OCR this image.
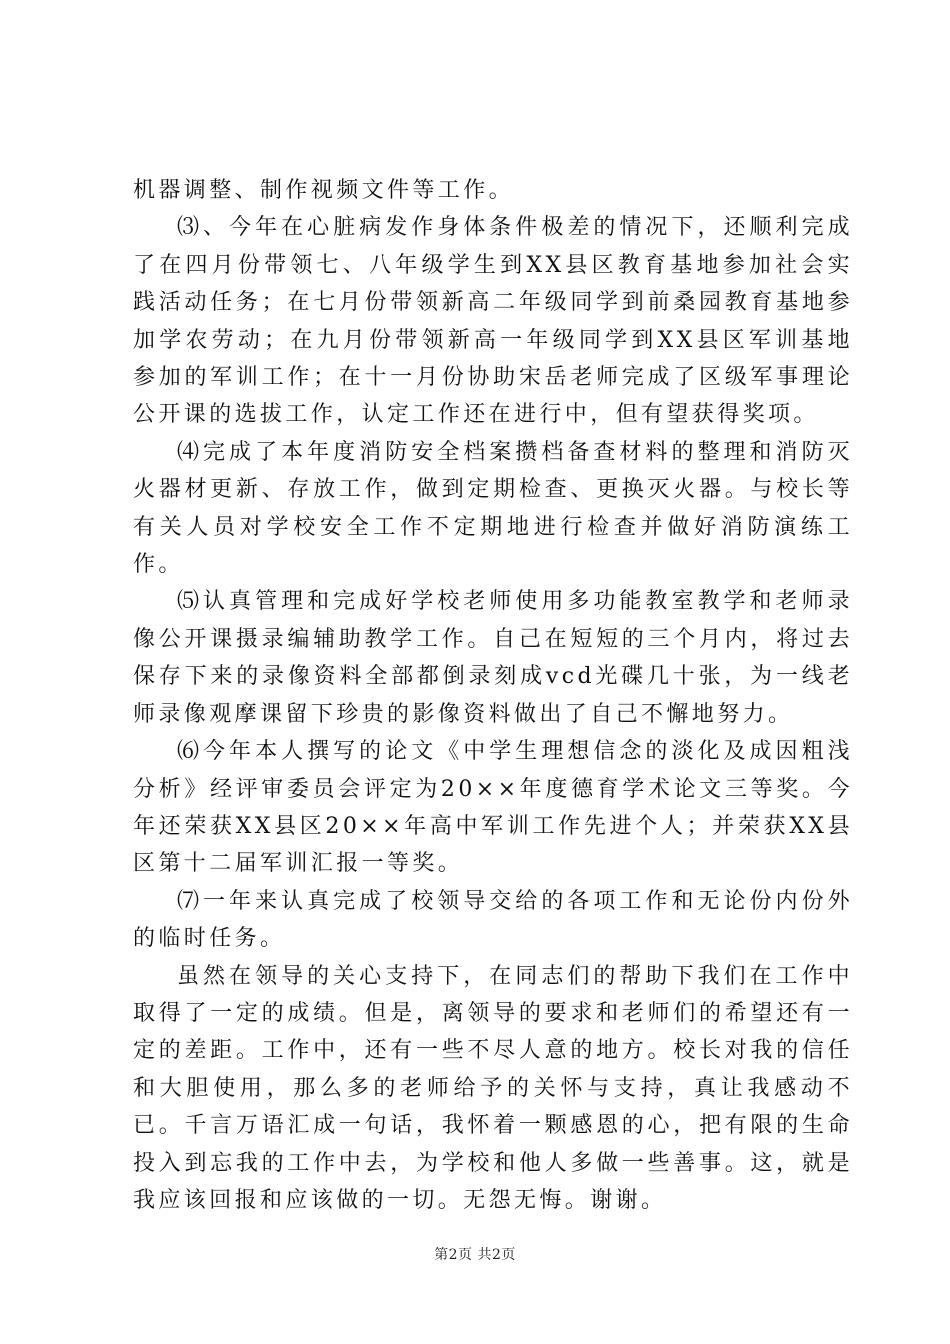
机器调整、制作视频文件等工作。

⑶、今年在心脏病发作身体条件极差的情况下，还顺利完成了在四月份带领七、八年级学生到XX县区教育基地参加社会实践活动任务；在七月份带领新高二年级同学到前桑园教育基地参加学农劳动；在九月份带领新高一年级同学到XX县区军训基地参加的军训工作；在十一月份协助宋岳老师完成了区级军事理论公开课的选拔工作，认定工作还在进行中，但有望获得奖项。

⑷完成了本年度消防安全档案攒档备查材料的整理和消防灭火器材更新、存放工作，做到定期检查、更换灭火器。与校长等有关人员对学校安全工作不定期地进行检查并做好消防演练工作。

⑸认真管理和完成好学校老师使用多功能教室教学和老师录像公开课摄录编辅助教学工作。自己在短短的三个月内，将过去保存下来的录像资料全部都倒录刻成vcd光碟几十张，为一线老师录像观摩课留下珍贵的影像资料做出了自己不懈地努力。

⑹今年本人撰写的论文《中学生理想信念的淡化及成因粗浅分析》经评审委员会评定为20××年度德育学术论文三等奖。今年还荣获XX县区20××年高中军训工作先进个人；并荣获XX县区第十二届军训汇报一等奖。

⑺一年来认真完成了校领导交给的各项工作和无论份内份外的临时任务。

虽然在领导的关心支持下，在同志们的帮助下我们在工作中取得了一定的成绩。但是，离领导的要求和老师们的希望还有一定的差距。工作中，还有一些不尽人意的地方。校长对我的信任和大胆使用，那么多的老师给予的关怀与支持，真让我感动不已。千言万语汇成一句话，我怀着一颗感恩的心，把有限的生命投入到忘我的工作中去，为学校和他人多做一些善事。这，就是我应该回报和应该做的一切。无怨无悔。谢谢。

第2页 共2页
